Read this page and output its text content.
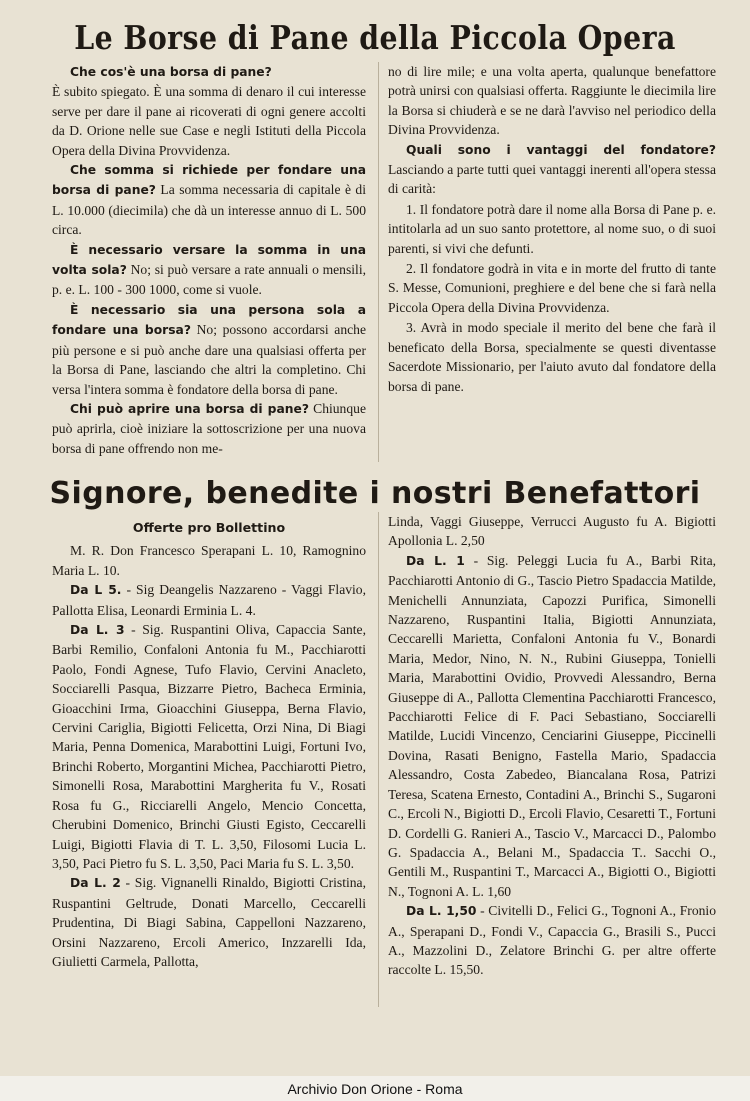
Le Borse di Pane della Piccola Opera

Che cos'è una borsa di pane?
È subito spiegato. È una somma di denaro il cui interesse serve per dare il pane ai ricoverati di ogni genere accolti da D. Orione nelle sue Case e negli Istituti della Piccola Opera della Divina Provvidenza.

Che somma si richiede per fondare una borsa di pane? La somma necessaria di capitale è di L. 10.000 (diecimila) che dà un interesse annuo di L. 500 circa.

È necessario versare la somma in una volta sola? No; si può versare a rate annuali o mensili, p. e. L. 100 - 300 1000, come si vuole.

È necessario sia una persona sola a fondare una borsa? No; possono accordarsi anche più persone e si può anche dare una qualsiasi offerta per la Borsa di Pane, lasciando che altri la completino. Chi versa l'intera somma è fondatore della borsa di pane.

Chi può aprire una borsa di pane? Chiunque può aprirla, cioè iniziare la sottoscrizione per una nuova borsa di pane offrendo non me-

no di lire mile; e una volta aperta, qualunque benefattore potrà unirsi con qualsiasi offerta. Raggiunte le diecimila lire la Borsa si chiuderà e se ne darà l'avviso nel periodico della Divina Provvidenza.

Quali sono i vantaggi del fondatore? Lasciando a parte tutti quei vantaggi inerenti all'opera stessa di carità:

1. Il fondatore potrà dare il nome alla Borsa di Pane p. e. intitolarla ad un suo santo protettore, al nome suo, o di suoi parenti, si vivi che defunti.

2. Il fondatore godrà in vita e in morte del frutto di tante S. Messe, Comunioni, preghiere e del bene che si farà nella Piccola Opera della Divina Provvidenza.

3. Avrà in modo speciale il merito del bene che farà il beneficato della Borsa, specialmente se questi diventasse Sacerdote Missionario, per l'aiuto avuto dal fondatore della borsa di pane.

Signore, benedite i nostri Benefattori

Offerte pro Bollettino

M. R. Don Francesco Sperapani L. 10, Ramognino Maria L. 10.

Da L 5. - Sig Deangelis Nazzareno - Vaggi Flavio, Pallotta Elisa, Leonardi Erminia L. 4.

Da L. 3 - Sig. Ruspantini Oliva, Capaccia Sante, Barbi Remilio, Confaloni Antonia fu M., Pacchiarotti Paolo, Fondi Agnese, Tufo Flavio, Cervini Anacleto, Socciarelli Pasqua, Bizzarre Pietro, Bacheca Erminia, Gioacchini Irma, Gioacchini Giuseppa, Berna Flavio, Cervini Cariglia, Bigiotti Felicetta, Orzi Nina, Di Biagi Maria, Penna Domenica, Marabottini Luigi, Fortuni Ivo, Brinchi Roberto, Morgantini Michea, Pacchiarotti Pietro, Simonelli Rosa, Marabottini Margherita fu V., Rosati Rosa fu G., Ricciarelli Angelo, Mencio Concetta, Cherubini Domenico, Brinchi Giusti Egisto, Ceccarelli Luigi, Bigiotti Flavia di T. L. 3,50, Filosomi Lucia L. 3,50, Paci Pietro fu S. L. 3,50, Paci Maria fu S. L. 3,50.

Da L. 2 - Sig. Vignanelli Rinaldo, Bigiotti Cristina, Ruspantini Geltrude, Donati Marcello, Ceccarelli Prudentina, Di Biagi Sabina, Cappelloni Nazzareno, Orsini Nazzareno, Ercoli Americo, Inzzarelli Ida, Giulietti Carmela, Pallotta,

Linda, Vaggi Giuseppe, Verrucci Augusto fu A. Bigiotti Apollonia L. 2,50

Da L. 1 - Sig. Peleggi Lucia fu A., Barbi Rita, Pacchiarotti Antonio di G., Tascio Pietro Spadaccia Matilde, Menichelli Annunziata, Capozzi Purifica, Simonelli Nazzareno, Ruspantini Italia, Bigiotti Annunziata, Ceccarelli Marietta, Confaloni Antonia fu V., Bonardi Maria, Medor, Nino, N. N., Rubini Giuseppa, Tonielli Maria, Marabottini Ovidio, Provvedi Alessandro, Berna Giuseppe di A., Pallotta Clementina Pacchiarotti Francesco, Pacchiarotti Felice di F. Paci Sebastiano, Socciarelli Matilde, Lucidi Vincenzo, Cenciarini Giuseppe, Piccinelli Dovina, Rasati Benigno, Fastella Mario, Spadaccia Alessandro, Costa Zabedeo, Biancalana Rosa, Patrizi Teresa, Scatena Ernesto, Contadini A., Brinchi S., Sugaroni C., Ercoli N., Bigiotti D., Ercoli Flavio, Cesaretti T., Fortuni D. Cordelli G. Ranieri A., Tascio V., Marcacci D., Palombo G. Spadaccia A., Belani M., Spadaccia T.. Sacchi O., Gentili M., Ruspantini T., Marcacci A., Bigiotti O., Bigiotti N., Tognoni A. L. 1,60

Da L. 1,50 - Civitelli D., Felici G., Tognoni A., Fronio A., Sperapani D., Fondi V., Capaccia G., Brasili S., Pucci A., Mazzolini D., Zelatore Brinchi G. per altre offerte raccolte L. 15,50.

Archivio Don Orione - Roma
